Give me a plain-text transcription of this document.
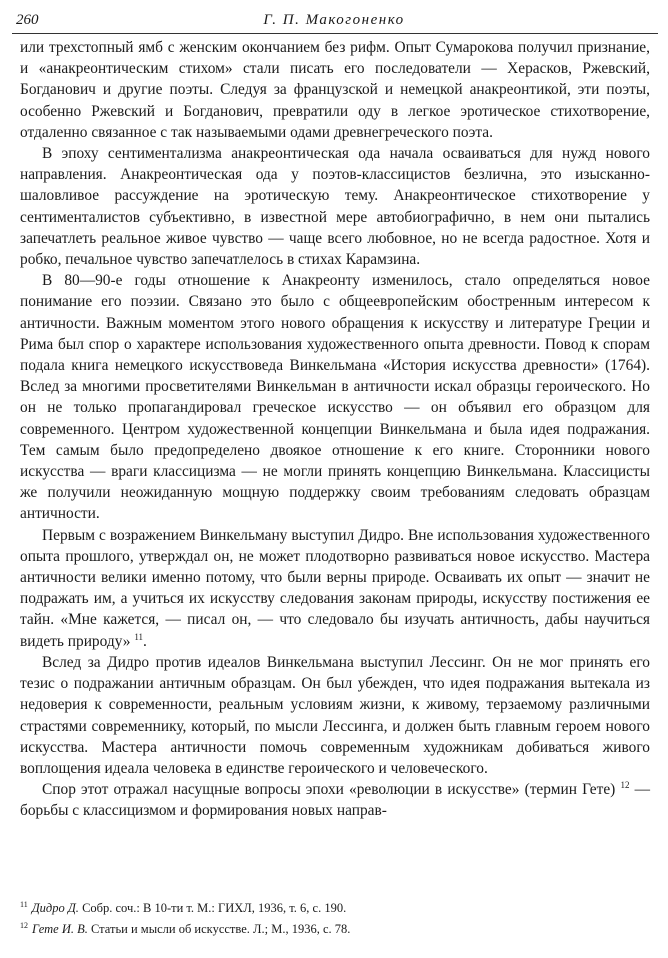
260	Г. П. Макогоненко

или трехстопный ямб с женским окончанием без рифм. Опыт Сумарокова получил признание, и «анакреонтическим стихом» стали писать его последователи — Херасков, Ржевский, Богданович и другие поэты. Следуя за французской и немецкой анакреонтикой, эти поэты, особенно Ржевский и Богданович, превратили оду в легкое эротическое стихотворение, отдаленно связанное с так называемыми одами древнегреческого поэта.

В эпоху сентиментализма анакреонтическая ода начала осваиваться для нужд нового направления. Анакреонтическая ода у поэтов-классицистов безлична, это изысканно-шаловливое рассуждение на эротическую тему. Анакреонтическое стихотворение у сентименталистов субъективно, в известной мере автобиографично, в нем они пытались запечатлеть реальное живое чувство — чаще всего любовное, но не всегда радостное. Хотя и робко, печальное чувство запечатлелось в стихах Карамзина.

В 80—90-е годы отношение к Анакреонту изменилось, стало определяться новое понимание его поэзии. Связано это было с общеевропейским обостренным интересом к античности. Важным моментом этого нового обращения к искусству и литературе Греции и Рима был спор о характере использования художественного опыта древности. Повод к спорам подала книга немецкого искусствоведа Винкельмана «История искусства древности» (1764). Вслед за многими просветителями Винкельман в античности искал образцы героического. Но он не только пропагандировал греческое искусство — он объявил его образцом для современного. Центром художественной концепции Винкельмана и была идея подражания. Тем самым было предопределено двоякое отношение к его книге. Сторонники нового искусства — враги классицизма — не могли принять концепцию Винкельмана. Классицисты же получили неожиданную мощную поддержку своим требованиям следовать образцам античности.

Первым с возражением Винкельману выступил Дидро. Вне использования художественного опыта прошлого, утверждал он, не может плодотворно развиваться новое искусство. Мастера античности велики именно потому, что были верны природе. Осваивать их опыт — значит не подражать им, а учиться их искусству следования законам природы, искусству постижения ее тайн. «Мне кажется, — писал он, — что следовало бы изучать античность, дабы научиться видеть природу» $^{11}$.

Вслед за Дидро против идеалов Винкельмана выступил Лессинг. Он не мог принять его тезис о подражании античным образцам. Он был убежден, что идея подражания вытекала из недоверия к современности, реальным условиям жизни, к живому, терзаемому различными страстями современнику, который, по мысли Лессинга, и должен быть главным героем нового искусства. Мастера античности помочь современным художникам добиваться живого воплощения идеала человека в единстве героического и человеческого.

Спор этот отражал насущные вопросы эпохи «революции в искусстве» (термин Гете) $^{12}$ — борьбы с классицизмом и формирования новых направ-

$^{11}$ Дидро Д. Собр. соч.: В 10-ти т. М.: ГИХЛ, 1936, т. 6, с. 190.
$^{12}$ Гете И. В. Статьи и мысли об искусстве. Л.; М., 1936, с. 78.
